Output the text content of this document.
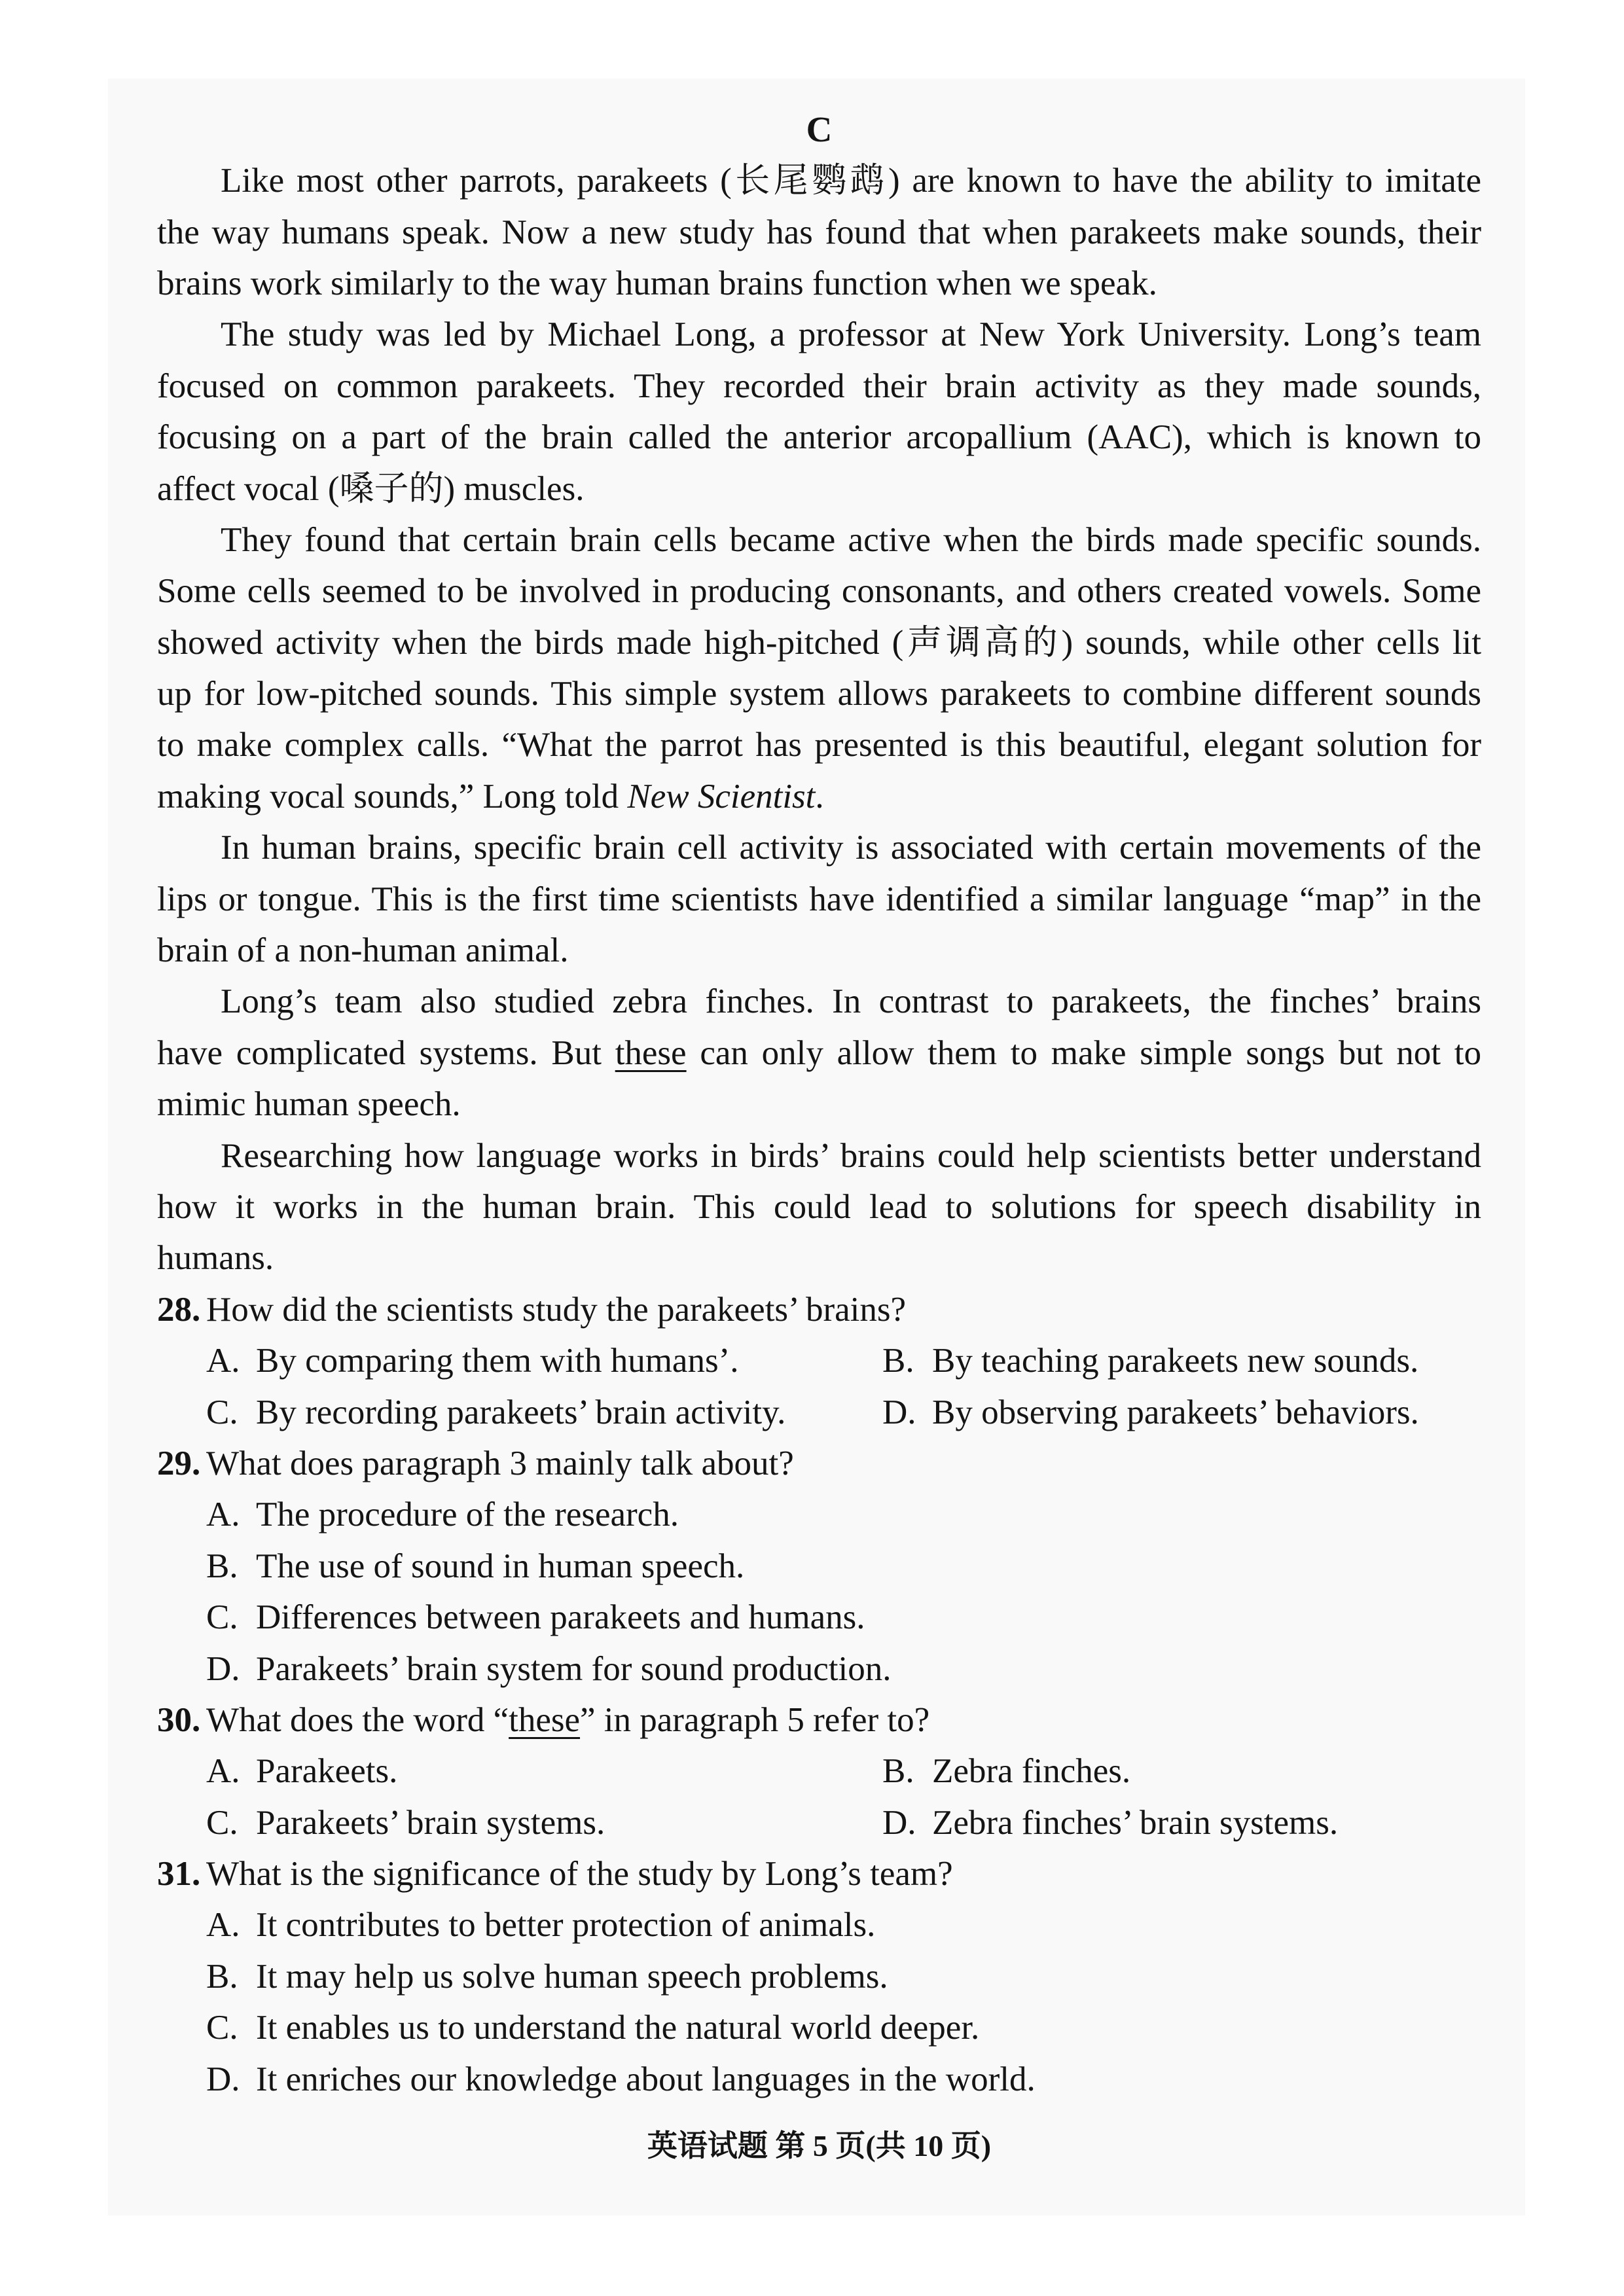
C
Like most other parrots, parakeets (长尾鹦鹉) are known to have the ability to imitate
the way humans speak. Now a new study has found that when parakeets make sounds, their
brains work similarly to the way human brains function when we speak.
The study was led by Michael Long, a professor at New York University. Long’s team
focused on common parakeets. They recorded their brain activity as they made sounds,
focusing on a part of the brain called the anterior arcopallium (AAC), which is known to
affect vocal (嗓子的) muscles.
They found that certain brain cells became active when the birds made specific sounds.
Some cells seemed to be involved in producing consonants, and others created vowels. Some
showed activity when the birds made high-pitched (声调高的) sounds, while other cells lit
up for low-pitched sounds. This simple system allows parakeets to combine different sounds
to make complex calls. “What the parrot has presented is this beautiful, elegant solution for
making vocal sounds,” Long told New Scientist.
In human brains, specific brain cell activity is associated with certain movements of the
lips or tongue. This is the first time scientists have identified a similar language “map” in the
brain of a non-human animal.
Long’s team also studied zebra finches. In contrast to parakeets, the finches’ brains
have complicated systems. But these can only allow them to make simple songs but not to
mimic human speech.
Researching how language works in birds’ brains could help scientists better understand
how it works in the human brain. This could lead to solutions for speech disability in
humans.
28. How did the scientists study the parakeets’ brains?
A. By comparing them with humans’.	B. By teaching parakeets new sounds.
C. By recording parakeets’ brain activity.	D. By observing parakeets’ behaviors.
29. What does paragraph 3 mainly talk about?
A. The procedure of the research.
B. The use of sound in human speech.
C. Differences between parakeets and humans.
D. Parakeets’ brain system for sound production.
30. What does the word “these” in paragraph 5 refer to?
A. Parakeets.	B. Zebra finches.
C. Parakeets’ brain systems.	D. Zebra finches’ brain systems.
31. What is the significance of the study by Long’s team?
A. It contributes to better protection of animals.
B. It may help us solve human speech problems.
C. It enables us to understand the natural world deeper.
D. It enriches our knowledge about languages in the world.
英语试题 第 5 页(共 10 页)
